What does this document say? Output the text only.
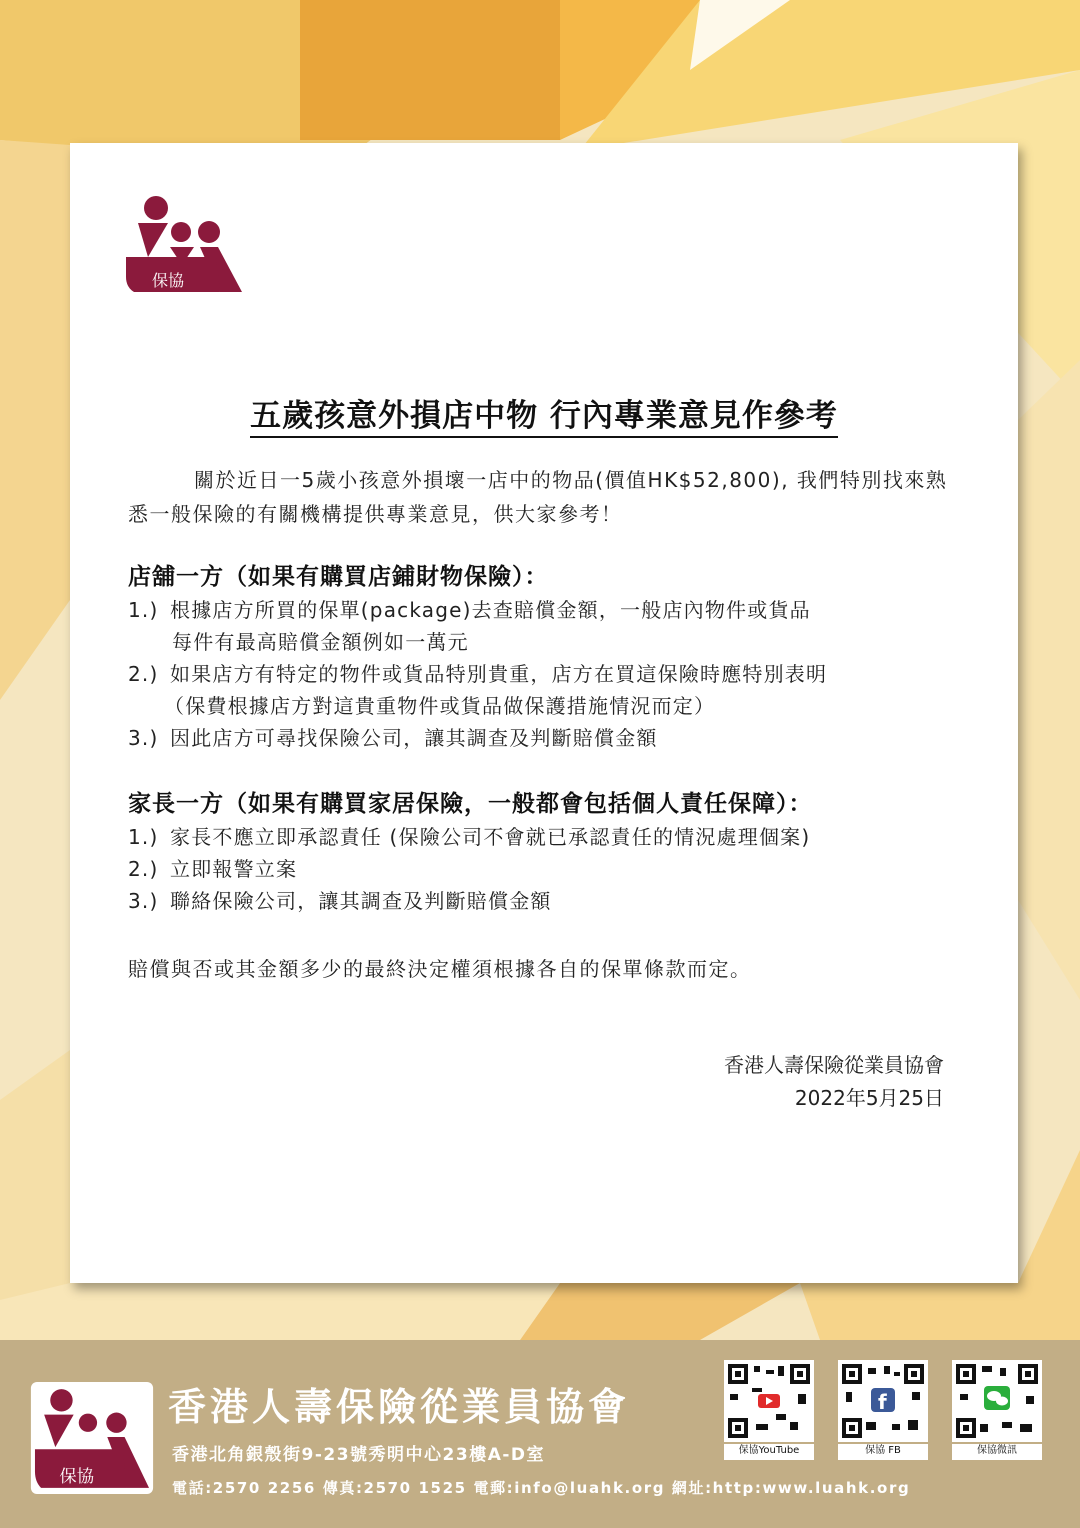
保協
五歲孩意外損店中物 行內專業意見作參考

關於近日一5歲小孩意外損壞一店中的物品(價值HK$52,800), 我們特別找來熟悉一般保險的有關機構提供專業意見，供大家參考！

店舖一方（如果有購買店鋪財物保險）：
1.) 根據店方所買的保單(package)去查賠償金額，一般店內物件或貨品
每件有最高賠償金額例如一萬元
2.) 如果店方有特定的物件或貨品特別貴重，店方在買這保險時應特別表明
（保費根據店方對這貴重物件或貨品做保護措施情況而定）
3.) 因此店方可尋找保險公司，讓其調查及判斷賠償金額
家長一方（如果有購買家居保險，一般都會包括個人責任保障）：
1.) 家長不應立即承認責任 (保險公司不會就已承認責任的情況處理個案)
2.) 立即報警立案
3.) 聯絡保險公司，讓其調查及判斷賠償金額

賠償與否或其金額多少的最終決定權須根據各自的保單條款而定。

香港人壽保險從業員協會
2022年5月25日
保協
香港人壽保險從業員協會
香港北角銀殼街9-23號秀明中心23樓A-D室
電話:2570 2256 傳真:2570 1525 電郵:info@luahk.org 網址:http:www.luahk.org
保協YouTube
f
保協 FB	保協微訊
